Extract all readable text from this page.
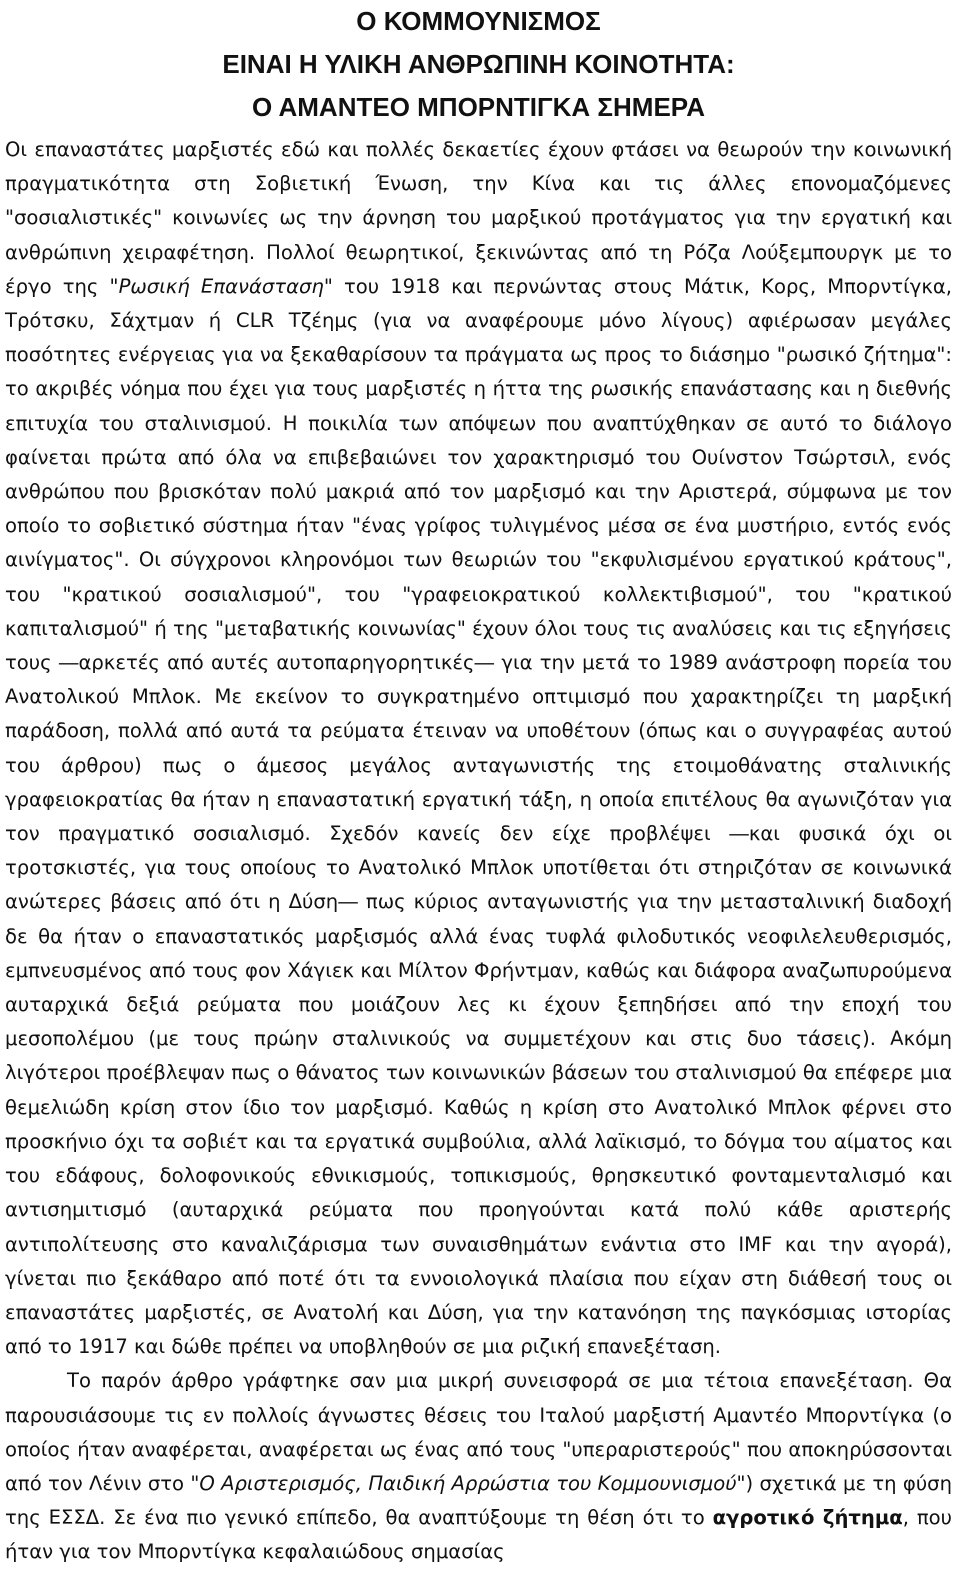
Ο ΚΟΜΜΟΥΝΙΣΜΟΣ

ΕΙΝΑΙ Η ΥΛΙΚΗ ΑΝΘΡΩΠΙΝΗ ΚΟΙΝΟΤΗΤΑ:

Ο ΑΜΑΝΤΕΟ ΜΠΟΡΝΤΙΓΚΑ ΣΗΜΕΡΑ

Οι επαναστάτες μαρξιστές εδώ και πολλές δεκαετίες έχουν φτάσει να θεωρούν την κοινωνική πραγματικότητα στη Σοβιετική Ένωση, την Κίνα και τις άλλες επονομαζόμενες "σοσιαλιστικές" κοινωνίες ως την άρνηση του μαρξικού προτάγματος για την εργατική και ανθρώπινη χειραφέτηση. Πολλοί θεωρητικοί, ξεκινώντας από τη Ρόζα Λούξεμπουργκ με το έργο της "Ρωσική Επανάσταση" του 1918 και περνώντας στους Μάτικ, Κορς, Μπορντίγκα, Τρότσκυ, Σάχτμαν ή CLR Τζέημς (για να αναφέρουμε μόνο λίγους) αφιέρωσαν μεγάλες ποσότητες ενέργειας για να ξεκαθαρίσουν τα πράγματα ως προς το διάσημο "ρωσικό ζήτημα": το ακριβές νόημα που έχει για τους μαρξιστές η ήττα της ρωσικής επανάστασης και η διεθνής επιτυχία του σταλινισμού. Η ποικιλία των απόψεων που αναπτύχθηκαν σε αυτό το διάλογο φαίνεται πρώτα από όλα να επιβεβαιώνει τον χαρακτηρισμό του Ουίνστον Τσώρτσιλ, ενός ανθρώπου που βρισκόταν πολύ μακριά από τον μαρξισμό και την Αριστερά, σύμφωνα με τον οποίο το σοβιετικό σύστημα ήταν "ένας γρίφος τυλιγμένος μέσα σε ένα μυστήριο, εντός ενός αινίγματος". Οι σύγχρονοι κληρονόμοι των θεωριών του "εκφυλισμένου εργατικού κράτους", του "κρατικού σοσιαλισμού", του "γραφειοκρατικού κολλεκτιβισμού", του "κρατικού καπιταλισμού" ή της "μεταβατικής κοινωνίας" έχουν όλοι τους τις αναλύσεις και τις εξηγήσεις τους ―αρκετές από αυτές αυτοπαρηγορητικές― για την μετά το 1989 ανάστροφη πορεία του Ανατολικού Μπλοκ. Με εκείνον το συγκρατημένο οπτιμισμό που χαρακτηρίζει τη μαρξική παράδοση, πολλά από αυτά τα ρεύματα έτειναν να υποθέτουν (όπως και ο συγγραφέας αυτού του άρθρου) πως ο άμεσος μεγάλος ανταγωνιστής της ετοιμοθάνατης σταλινικής γραφειοκρατίας θα ήταν η επαναστατική εργατική τάξη, η οποία επιτέλους θα αγωνιζόταν για τον πραγματικό σοσιαλισμό. Σχεδόν κανείς δεν είχε προβλέψει ―και φυσικά όχι οι τροτσκιστές, για τους οποίους το Ανατολικό Μπλοκ υποτίθεται ότι στηριζόταν σε κοινωνικά ανώτερες βάσεις από ότι η Δύση― πως κύριος ανταγωνιστής για την μετασταλινική διαδοχή δε θα ήταν ο επαναστατικός μαρξισμός αλλά ένας τυφλά φιλοδυτικός νεοφιλελευθερισμός, εμπνευσμένος από τους φον Χάγιεκ και Μίλτον Φρήντμαν, καθώς και διάφορα αναζωπυρούμενα αυταρχικά δεξιά ρεύματα που μοιάζουν λες κι έχουν ξεπηδήσει από την εποχή του μεσοπολέμου (με τους πρώην σταλινικούς να συμμετέχουν και στις δυο τάσεις). Ακόμη λιγότεροι προέβλεψαν πως ο θάνατος των κοινωνικών βάσεων του σταλινισμού θα επέφερε μια θεμελιώδη κρίση στον ίδιο τον μαρξισμό. Καθώς η κρίση στο Ανατολικό Μπλοκ φέρνει στο προσκήνιο όχι τα σοβιέτ και τα εργατικά συμβούλια, αλλά λαϊκισμό, το δόγμα του αίματος και του εδάφους, δολοφονικούς εθνικισμούς, τοπικισμούς, θρησκευτικό φονταμενταλισμό και αντισημιτισμό (αυταρχικά ρεύματα που προηγούνται κατά πολύ κάθε αριστερής αντιπολίτευσης στο καναλιζάρισμα των συναισθημάτων ενάντια στο IMF και την αγορά), γίνεται πιο ξεκάθαρο από ποτέ ότι τα εννοιολογικά πλαίσια που είχαν στη διάθεσή τους οι επαναστάτες μαρξιστές, σε Ανατολή και Δύση, για την κατανόηση της παγκόσμιας ιστορίας από το 1917 και δώθε πρέπει να υποβληθούν σε μια ριζική επανεξέταση.

Το παρόν άρθρο γράφτηκε σαν μια μικρή συνεισφορά σε μια τέτοια επανεξέταση. Θα παρουσιάσουμε τις εν πολλοίς άγνωστες θέσεις του Ιταλού μαρξιστή Αμαντέο Μπορντίγκα (ο οποίος ήταν αναφέρεται, αναφέρεται ως ένας από τους "υπεραριστερούς" που αποκηρύσσονται από τον Λένιν στο "Ο Αριστερισμός, Παιδική Αρρώστια του Κομμουνισμού") σχετικά με τη φύση της ΕΣΣΔ. Σε ένα πιο γενικό επίπεδο, θα αναπτύξουμε τη θέση ότι το αγροτικό ζήτημα, που ήταν για τον Μπορντίγκα κεφαλαιώδους σημασίας
